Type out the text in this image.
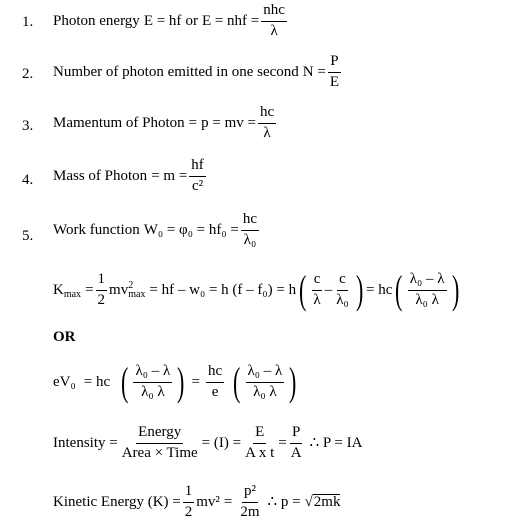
1. Photon energy E = hf or E = nhf = $\frac{\text{nhc}}{\lambda}$
2. Number of photon emitted in one second $N = \frac{P}{E}$
3. Mamentum of Photon = p = mv = $\frac{hc}{\lambda}$
4. Mass of Photon = $m = \frac{hf}{\text{c²}}$
5. Work function $W_0 = \varphi_0 = hf_0 = \frac{hc}{\text{λ₀}}$
K $\max = \frac{1}{2}$ mv 2
max = hf – w₀ = h (f – f₀) = h ( $\frac{c}{\lambda} - \frac{c}{\text{λ₀}}$ ) = hc ( $\frac{\text{λ₀ – λ}}{\text{λ₀ λ}}$ )
OR
eV₀ = hc ( $\frac{\text{λ₀ – λ}}{\text{λ₀ λ}}$ ) = $\frac{hc}{e}$ ( $\frac{\text{λ₀ – λ}}{\text{λ₀ λ}}$ )
Intensity = $\frac{\text{Energy}}{\text{Area × Time}} = (I) = \frac{E}{\text{A x t}} = \frac{P}{A}$ ∴ P = IA
Kinetic Energy $(K) = \frac{1}{2} mv^2 = \frac{\text{p²}}{2m}$ ∴ p = √ 2mk
